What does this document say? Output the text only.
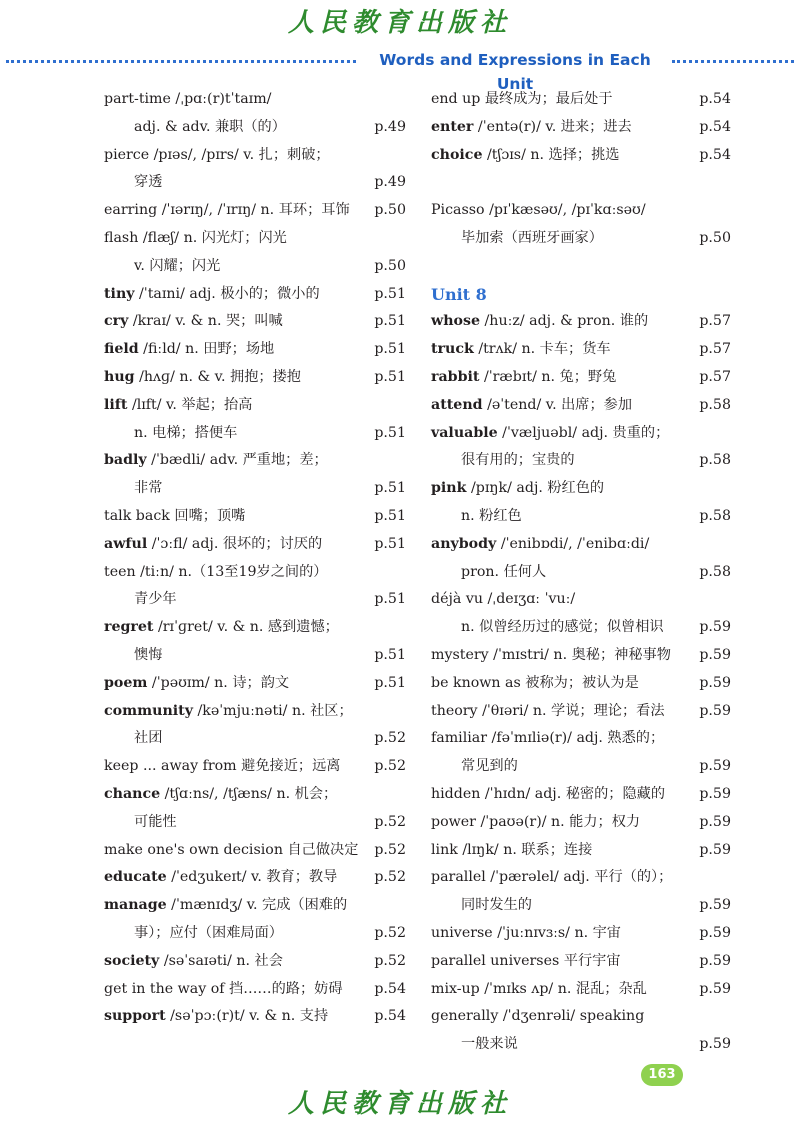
人民教育出版社
Words and Expressions in Each Unit
part-time /ˌpɑː(r)tˈtaɪm/
adj. & adv. 兼职（的）	p.49
pierce /pɪəs/, /pɪrs/ v. 扎；刺破；
穿透	p.49
earring /ˈɪərɪŋ/, /ˈɪrɪŋ/ n. 耳环；耳饰 p.50
flash /flæʃ/ n. 闪光灯；闪光
v. 闪耀；闪光	p.50
tiny /ˈtaɪni/ adj. 极小的；微小的	p.51
cry /kraɪ/ v. & n. 哭；叫喊	p.51
field /fiːld/ n. 田野；场地	p.51
hug /hʌɡ/ n. & v. 拥抱；搂抱	p.51
lift /lɪft/ v. 举起；抬高
n. 电梯；搭便车	p.51
badly /ˈbædli/ adv. 严重地；差；
非常	p.51
talk back 回嘴；顶嘴	p.51
awful /ˈɔːfl/ adj. 很坏的；讨厌的	p.51
teen /tiːn/ n.（13至19岁之间的）
青少年	p.51
regret /rɪˈɡret/ v. & n. 感到遗憾；
懊悔	p.51
poem /ˈpəʊɪm/ n. 诗；韵文	p.51
community /kəˈmjuːnəti/ n. 社区；
社团	p.52
keep ... away from 避免接近；远离 p.52
chance /tʃɑːns/, /tʃæns/ n. 机会；
可能性	p.52
make one's own decision 自己做决定 p.52
educate /ˈedʒukeɪt/ v. 教育；教导	p.52
manage /ˈmænɪdʒ/ v. 完成（困难的
事）；应付（困难局面）	p.52
society /səˈsaɪəti/ n. 社会	p.52
get in the way of 挡……的路；妨碍 p.54
support /səˈpɔː(r)t/ v. & n. 支持	p.54
end up 最终成为；最后处于	p.54
enter /ˈentə(r)/ v. 进来；进去	p.54
choice /tʃɔɪs/ n. 选择；挑选	p.54
Picasso /pɪˈkæsəʊ/, /pɪˈkɑːsəʊ/
毕加索（西班牙画家）	p.50
Unit 8
whose /huːz/ adj. & pron. 谁的	p.57
truck /trʌk/ n. 卡车；货车	p.57
rabbit /ˈræbɪt/ n. 兔；野兔	p.57
attend /əˈtend/ v. 出席；参加	p.58
valuable /ˈvæljuəbl/ adj. 贵重的；
很有用的；宝贵的	p.58
pink /pɪŋk/ adj. 粉红色的
n. 粉红色	p.58
anybody /ˈenibɒdi/, /ˈenibɑːdi/
pron. 任何人	p.58
déjà vu /ˌdeɪʒɑː ˈvuː/
n. 似曾经历过的感觉；似曾相识	p.59
mystery /ˈmɪstri/ n. 奥秘；神秘事物 p.59
be known as 被称为；被认为是	p.59
theory /ˈθɪəri/ n. 学说；理论；看法 p.59
familiar /fəˈmɪliə(r)/ adj. 熟悉的；
常见到的	p.59
hidden /ˈhɪdn/ adj. 秘密的；隐藏的 p.59
power /ˈpaʊə(r)/ n. 能力；权力	p.59
link /lɪŋk/ n. 联系；连接	p.59
parallel /ˈpærəlel/ adj. 平行（的）；
同时发生的	p.59
universe /ˈjuːnɪvɜːs/ n. 宇宙	p.59
parallel universes 平行宇宙	p.59
mix-up /ˈmɪks ʌp/ n. 混乱；杂乱	p.59
generally /ˈdʒenrəli/ speaking
一般来说	p.59
163
人民教育出版社
